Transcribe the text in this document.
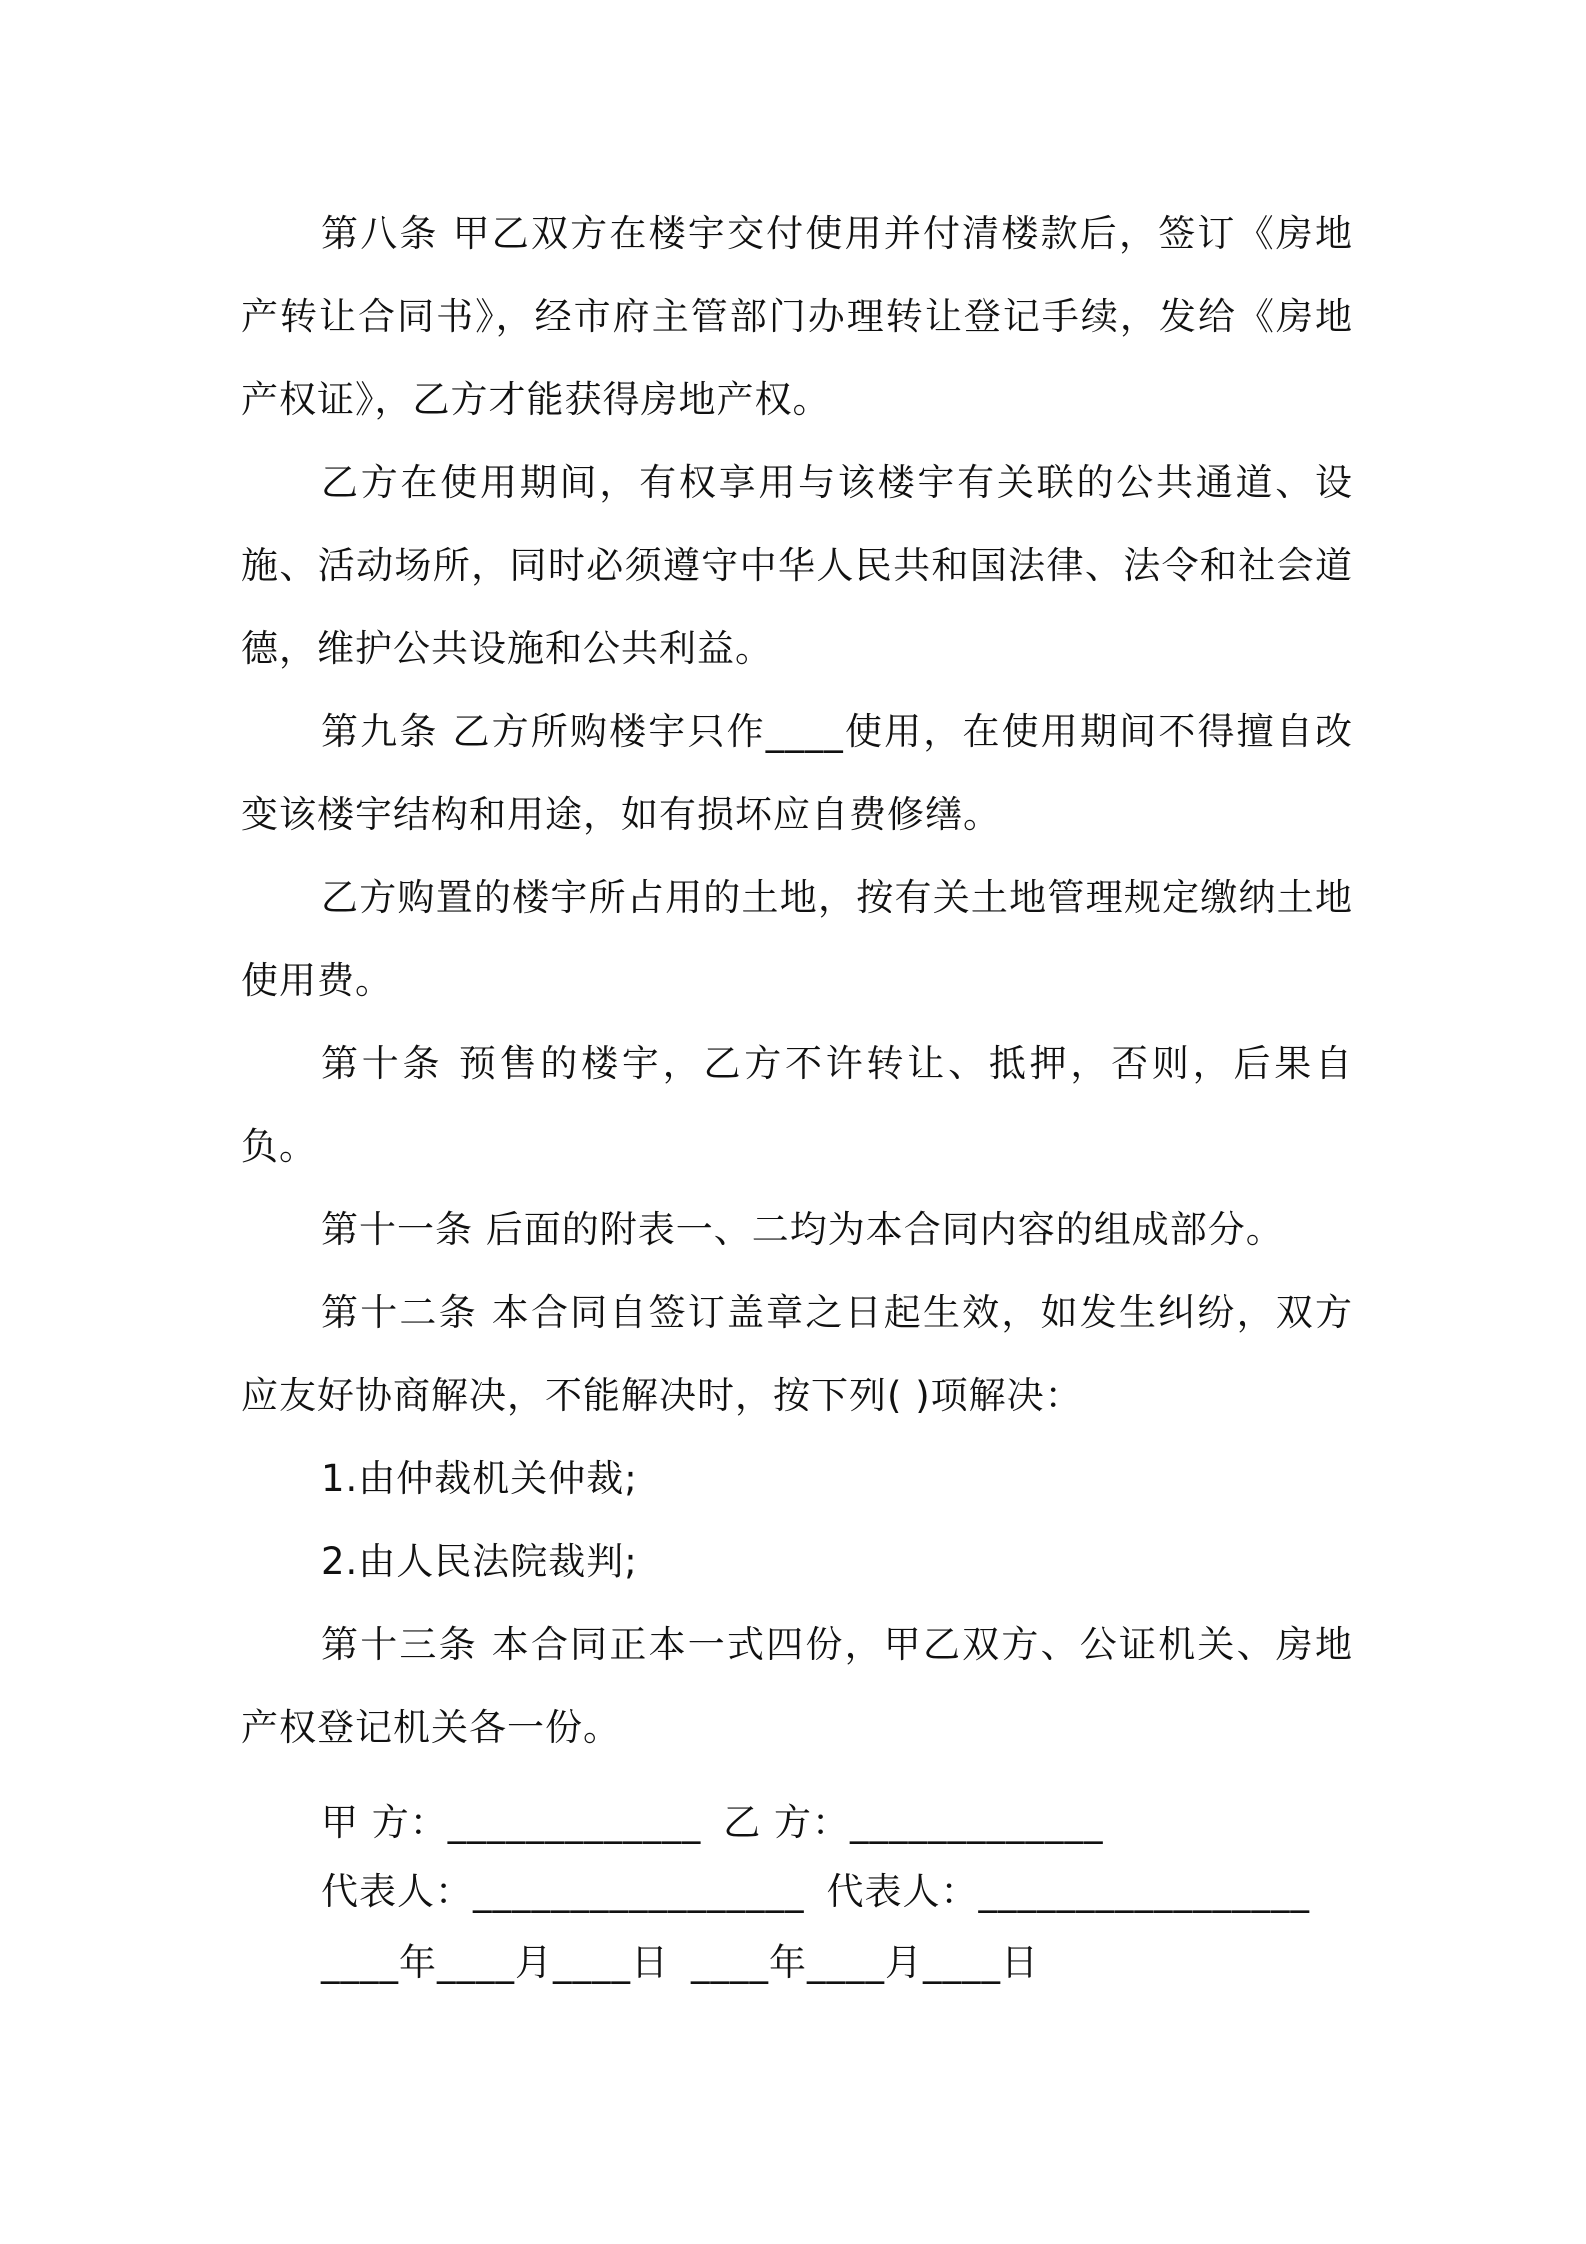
第八条 甲乙双方在楼宇交付使用并付清楼款后，签订《房地产转让合同书》，经市府主管部门办理转让登记手续，发给《房地产权证》，乙方才能获得房地产权。

乙方在使用期间，有权享用与该楼宇有关联的公共通道、设施、活动场所，同时必须遵守中华人民共和国法律、法令和社会道德，维护公共设施和公共利益。

第九条 乙方所购楼宇只作____使用，在使用期间不得擅自改变该楼宇结构和用途，如有损坏应自费修缮。

乙方购置的楼宇所占用的土地，按有关土地管理规定缴纳土地使用费。

第十条 预售的楼宇，乙方不许转让、抵押，否则，后果自负。

第十一条 后面的附表一、二均为本合同内容的组成部分。

第十二条 本合同自签订盖章之日起生效，如发生纠纷，双方应友好协商解决，不能解决时，按下列( )项解决：

1.由仲裁机关仲裁;

2.由人民法院裁判;

第十三条 本合同正本一式四份，甲乙双方、公证机关、房地产权登记机关各一份。

甲 方：_____________ 乙 方：_____________
代表人：_________________ 代表人：_________________
____年____月____日 ____年____月____日
